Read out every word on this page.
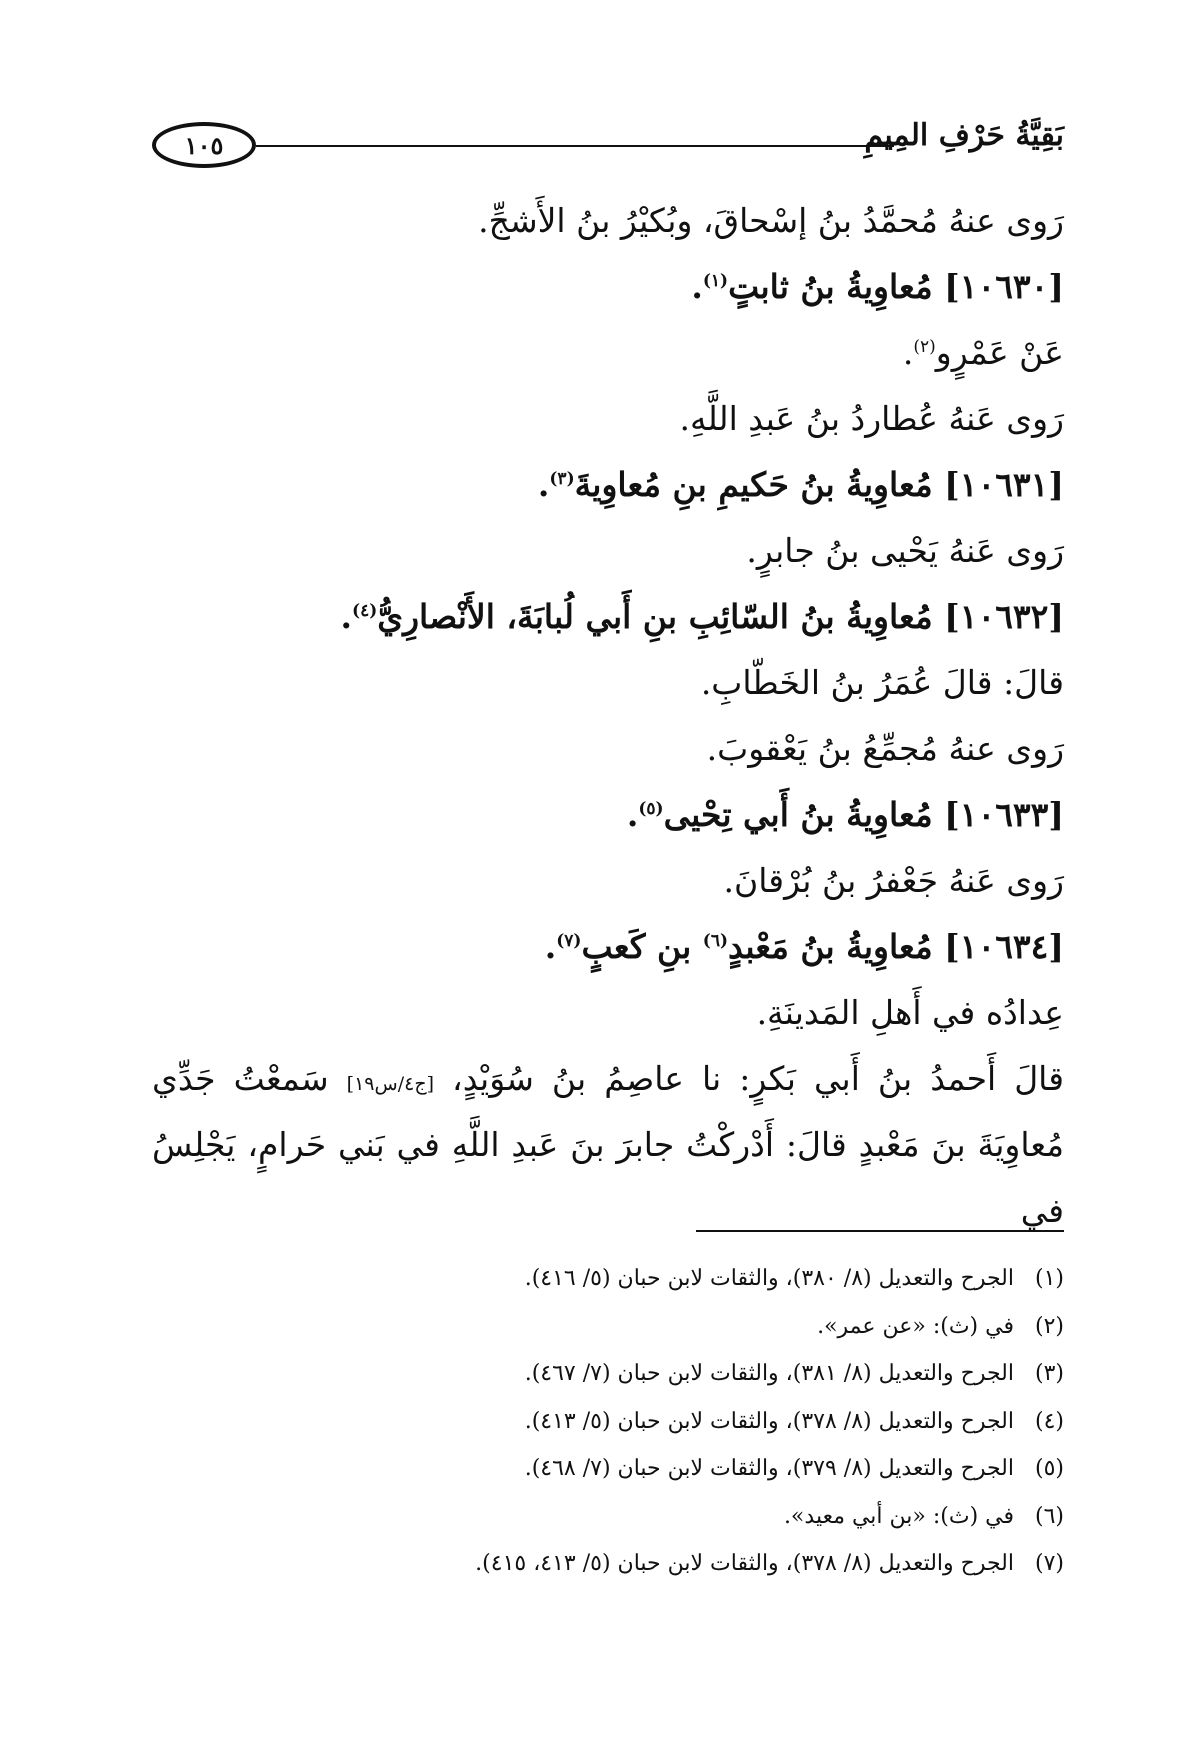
بَقِيَّةُ حَرْفِ المِيمِ
١٠٥
رَوى عنهُ مُحمَّدُ بنُ إسْحاقَ، وبُكيْرُ بنُ الأَشجِّ.
[١٠٦٣٠] مُعاوِيةُ بنُ ثابتٍ$^{(١)}$.
عَنْ عَمْرٍو$^{(٢)}$.
رَوى عَنهُ عُطاردُ بنُ عَبدِ اللَّهِ.
[١٠٦٣١] مُعاوِيةُ بنُ حَكيمِ بنِ مُعاوِيةَ$^{(٣)}$.
رَوى عَنهُ يَحْيى بنُ جابرٍ.
[١٠٦٣٢] مُعاوِيةُ بنُ السّائِبِ بنِ أَبي لُبابَةَ، الأَنْصارِيُّ$^{(٤)}$.
قالَ: قالَ عُمَرُ بنُ الخَطّابِ.
رَوى عنهُ مُجمِّعُ بنُ يَعْقوبَ.
[١٠٦٣٣] مُعاوِيةُ بنُ أَبي تِحْيى$^{(٥)}$.
رَوى عَنهُ جَعْفرُ بنُ بُرْقانَ.
[١٠٦٣٤] مُعاوِيةُ بنُ مَعْبدٍ$^{(٦)}$ بنِ كَعبٍ$^{(٧)}$.
عِدادُه في أَهلِ المَدينَةِ.
قالَ أَحمدُ بنُ أَبي بَكرٍ: نا عاصِمُ بنُ سُوَيْدٍ، [ج٤/س١٩] سَمعْتُ جَدِّي
مُعاوِيَةَ بنَ مَعْبدٍ قالَ: أَدْركْتُ جابرَ بنَ عَبدِ اللَّهِ في بَني حَرامٍ، يَجْلِسُ في
(١)الجرح والتعديل (٨/ ٣٨٠)، والثقات لابن حبان (٥/ ٤١٦).
(٢)في (ث): «عن عمر».
(٣)الجرح والتعديل (٨/ ٣٨١)، والثقات لابن حبان (٧/ ٤٦٧).
(٤)الجرح والتعديل (٨/ ٣٧٨)، والثقات لابن حبان (٥/ ٤١٣).
(٥)الجرح والتعديل (٨/ ٣٧٩)، والثقات لابن حبان (٧/ ٤٦٨).
(٦)في (ث): «بن أبي معيد».
(٧)الجرح والتعديل (٨/ ٣٧٨)، والثقات لابن حبان (٥/ ٤١٣، ٤١٥).
